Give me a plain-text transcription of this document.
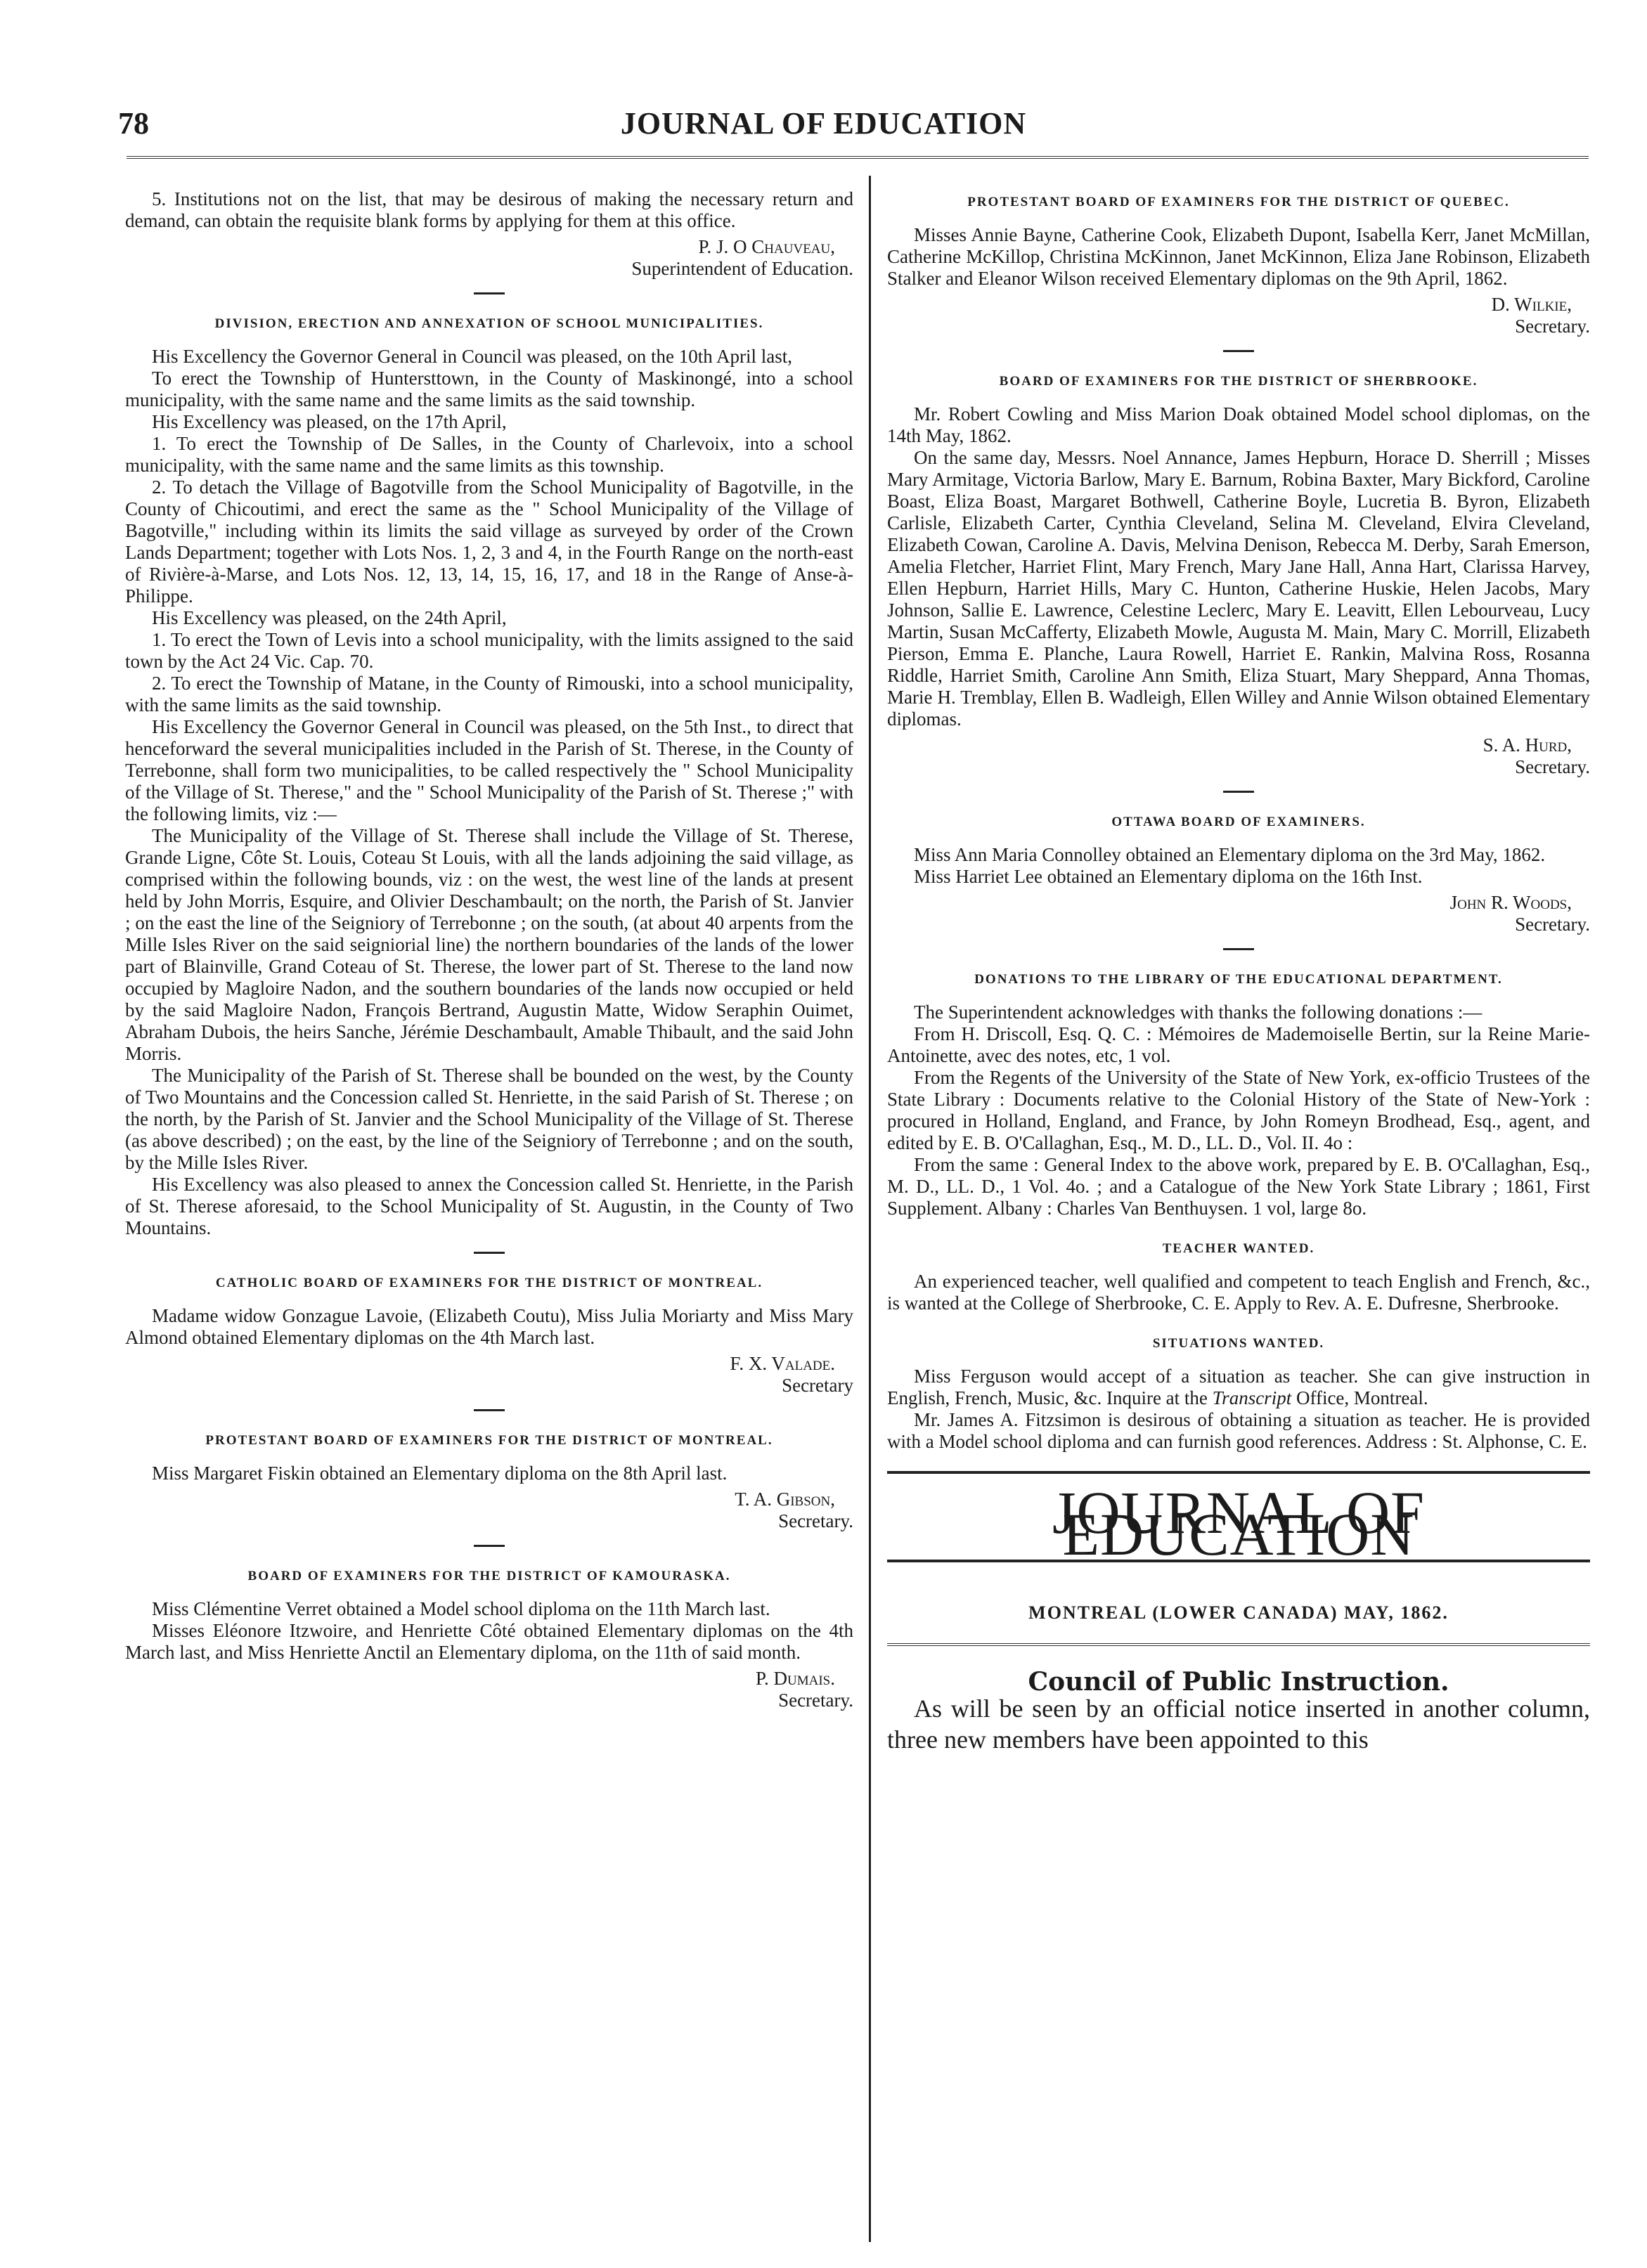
78	JOURNAL OF EDUCATION

5. Institutions not on the list, that may be desirous of making the necessary return and demand, can obtain the requisite blank forms by applying for them at this office.

P. J. O Chauveau,
Superintendent of Education.
DIVISION, ERECTION AND ANNEXATION OF SCHOOL MUNICIPALITIES.

His Excellency the Governor General in Council was pleased, on the 10th April last,

To erect the Township of Huntersttown, in the County of Maskinongé, into a school municipality, with the same name and the same limits as the said township.

His Excellency was pleased, on the 17th April,

1. To erect the Township of De Salles, in the County of Charlevoix, into a school municipality, with the same name and the same limits as this township.

2. To detach the Village of Bagotville from the School Municipality of Bagotville, in the County of Chicoutimi, and erect the same as the " School Municipality of the Village of Bagotville," including within its limits the said village as surveyed by order of the Crown Lands Department; together with Lots Nos. 1, 2, 3 and 4, in the Fourth Range on the north-east of Rivière-à-Marse, and Lots Nos. 12, 13, 14, 15, 16, 17, and 18 in the Range of Anse-à-Philippe.

His Excellency was pleased, on the 24th April,

1. To erect the Town of Levis into a school municipality, with the limits assigned to the said town by the Act 24 Vic. Cap. 70.

2. To erect the Township of Matane, in the County of Rimouski, into a school municipality, with the same limits as the said township.

His Excellency the Governor General in Council was pleased, on the 5th Inst., to direct that henceforward the several municipalities included in the Parish of St. Therese, in the County of Terrebonne, shall form two municipalities, to be called respectively the " School Municipality of the Village of St. Therese," and the " School Municipality of the Parish of St. Therese ;" with the following limits, viz :—

The Municipality of the Village of St. Therese shall include the Village of St. Therese, Grande Ligne, Côte St. Louis, Coteau St Louis, with all the lands adjoining the said village, as comprised within the following bounds, viz : on the west, the west line of the lands at present held by John Morris, Esquire, and Olivier Deschambault; on the north, the Parish of St. Janvier ; on the east the line of the Seigniory of Terrebonne ; on the south, (at about 40 arpents from the Mille Isles River on the said seigniorial line) the northern boundaries of the lands of the lower part of Blainville, Grand Coteau of St. Therese, the lower part of St. Therese to the land now occupied by Magloire Nadon, and the southern boundaries of the lands now occupied or held by the said Magloire Nadon, François Bertrand, Augustin Matte, Widow Seraphin Ouimet, Abraham Dubois, the heirs Sanche, Jérémie Deschambault, Amable Thibault, and the said John Morris.

The Municipality of the Parish of St. Therese shall be bounded on the west, by the County of Two Mountains and the Concession called St. Henriette, in the said Parish of St. Therese ; on the north, by the Parish of St. Janvier and the School Municipality of the Village of St. Therese (as above described) ; on the east, by the line of the Seigniory of Terrebonne ; and on the south, by the Mille Isles River.

His Excellency was also pleased to annex the Concession called St. Henriette, in the Parish of St. Therese aforesaid, to the School Municipality of St. Augustin, in the County of Two Mountains.

CATHOLIC BOARD OF EXAMINERS FOR THE DISTRICT OF MONTREAL.

Madame widow Gonzague Lavoie, (Elizabeth Coutu), Miss Julia Moriarty and Miss Mary Almond obtained Elementary diplomas on the 4th March last.

F. X. Valade.
Secretary
PROTESTANT BOARD OF EXAMINERS FOR THE DISTRICT OF MONTREAL.

Miss Margaret Fiskin obtained an Elementary diploma on the 8th April last.

T. A. Gibson,
Secretary.
BOARD OF EXAMINERS FOR THE DISTRICT OF KAMOURASKA.

Miss Clémentine Verret obtained a Model school diploma on the 11th March last.

Misses Eléonore Itzwoire, and Henriette Côté obtained Elementary diplomas on the 4th March last, and Miss Henriette Anctil an Elementary diploma, on the 11th of said month.

P. Dumais.
Secretary.
PROTESTANT BOARD OF EXAMINERS FOR THE DISTRICT OF QUEBEC.

Misses Annie Bayne, Catherine Cook, Elizabeth Dupont, Isabella Kerr, Janet McMillan, Catherine McKillop, Christina McKinnon, Janet McKinnon, Eliza Jane Robinson, Elizabeth Stalker and Eleanor Wilson received Elementary diplomas on the 9th April, 1862.

D. Wilkie,
Secretary.
BOARD OF EXAMINERS FOR THE DISTRICT OF SHERBROOKE.

Mr. Robert Cowling and Miss Marion Doak obtained Model school diplomas, on the 14th May, 1862.

On the same day, Messrs. Noel Annance, James Hepburn, Horace D. Sherrill ; Misses Mary Armitage, Victoria Barlow, Mary E. Barnum, Robina Baxter, Mary Bickford, Caroline Boast, Eliza Boast, Margaret Bothwell, Catherine Boyle, Lucretia B. Byron, Elizabeth Carlisle, Elizabeth Carter, Cynthia Cleveland, Selina M. Cleveland, Elvira Cleveland, Elizabeth Cowan, Caroline A. Davis, Melvina Denison, Rebecca M. Derby, Sarah Emerson, Amelia Fletcher, Harriet Flint, Mary French, Mary Jane Hall, Anna Hart, Clarissa Harvey, Ellen Hepburn, Harriet Hills, Mary C. Hunton, Catherine Huskie, Helen Jacobs, Mary Johnson, Sallie E. Lawrence, Celestine Leclerc, Mary E. Leavitt, Ellen Lebourveau, Lucy Martin, Susan McCafferty, Elizabeth Mowle, Augusta M. Main, Mary C. Morrill, Elizabeth Pierson, Emma E. Planche, Laura Rowell, Harriet E. Rankin, Malvina Ross, Rosanna Riddle, Harriet Smith, Caroline Ann Smith, Eliza Stuart, Mary Sheppard, Anna Thomas, Marie H. Tremblay, Ellen B. Wadleigh, Ellen Willey and Annie Wilson obtained Elementary diplomas.

S. A. Hurd,
Secretary.
OTTAWA BOARD OF EXAMINERS.

Miss Ann Maria Connolley obtained an Elementary diploma on the 3rd May, 1862.

Miss Harriet Lee obtained an Elementary diploma on the 16th Inst.

John R. Woods,
Secretary.
DONATIONS TO THE LIBRARY OF THE EDUCATIONAL DEPARTMENT.

The Superintendent acknowledges with thanks the following donations :—

From H. Driscoll, Esq. Q. C. : Mémoires de Mademoiselle Bertin, sur la Reine Marie-Antoinette, avec des notes, etc, 1 vol.

From the Regents of the University of the State of New York, ex-officio Trustees of the State Library : Documents relative to the Colonial History of the State of New-York : procured in Holland, England, and France, by John Romeyn Brodhead, Esq., agent, and edited by E. B. O'Callaghan, Esq., M. D., LL. D., Vol. II. 4o :

From the same : General Index to the above work, prepared by E. B. O'Callaghan, Esq., M. D., LL. D., 1 Vol. 4o. ; and a Catalogue of the New York State Library ; 1861, First Supplement. Albany : Charles Van Benthuysen. 1 vol, large 8o.

TEACHER WANTED.

An experienced teacher, well qualified and competent to teach English and French, &c., is wanted at the College of Sherbrooke, C. E. Apply to Rev. A. E. Dufresne, Sherbrooke.

SITUATIONS WANTED.

Miss Ferguson would accept of a situation as teacher. She can give instruction in English, French, Music, &c. Inquire at the Transcript Office, Montreal.

Mr. James A. Fitzsimon is desirous of obtaining a situation as teacher. He is provided with a Model school diploma and can furnish good references. Address : St. Alphonse, C. E.

JOURNAL OF EDUCATION
MONTREAL (LOWER CANADA) MAY, 1862.
Council of Public Instruction.

As will be seen by an official notice inserted in another column, three new members have been appointed to this
